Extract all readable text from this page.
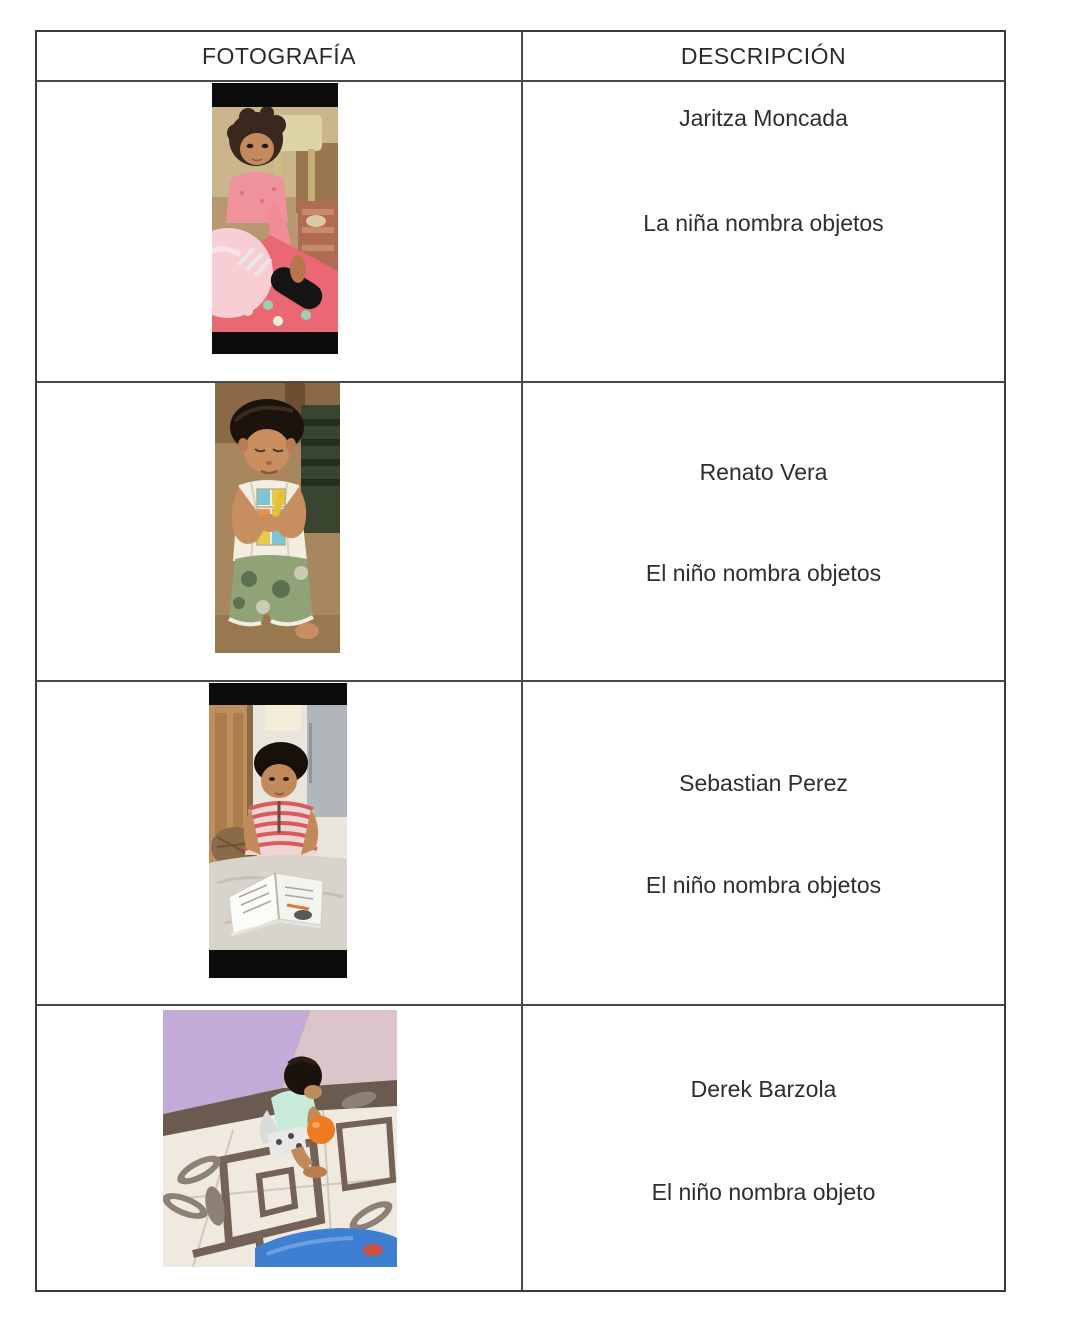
FOTOGRAFÍA	DESCRIPCIÓN
Jaritza Moncada
La niña nombra objetos
Renato Vera
El niño nombra objetos
Sebastian Perez
El niño nombra objetos
Derek Barzola
El niño nombra objeto
